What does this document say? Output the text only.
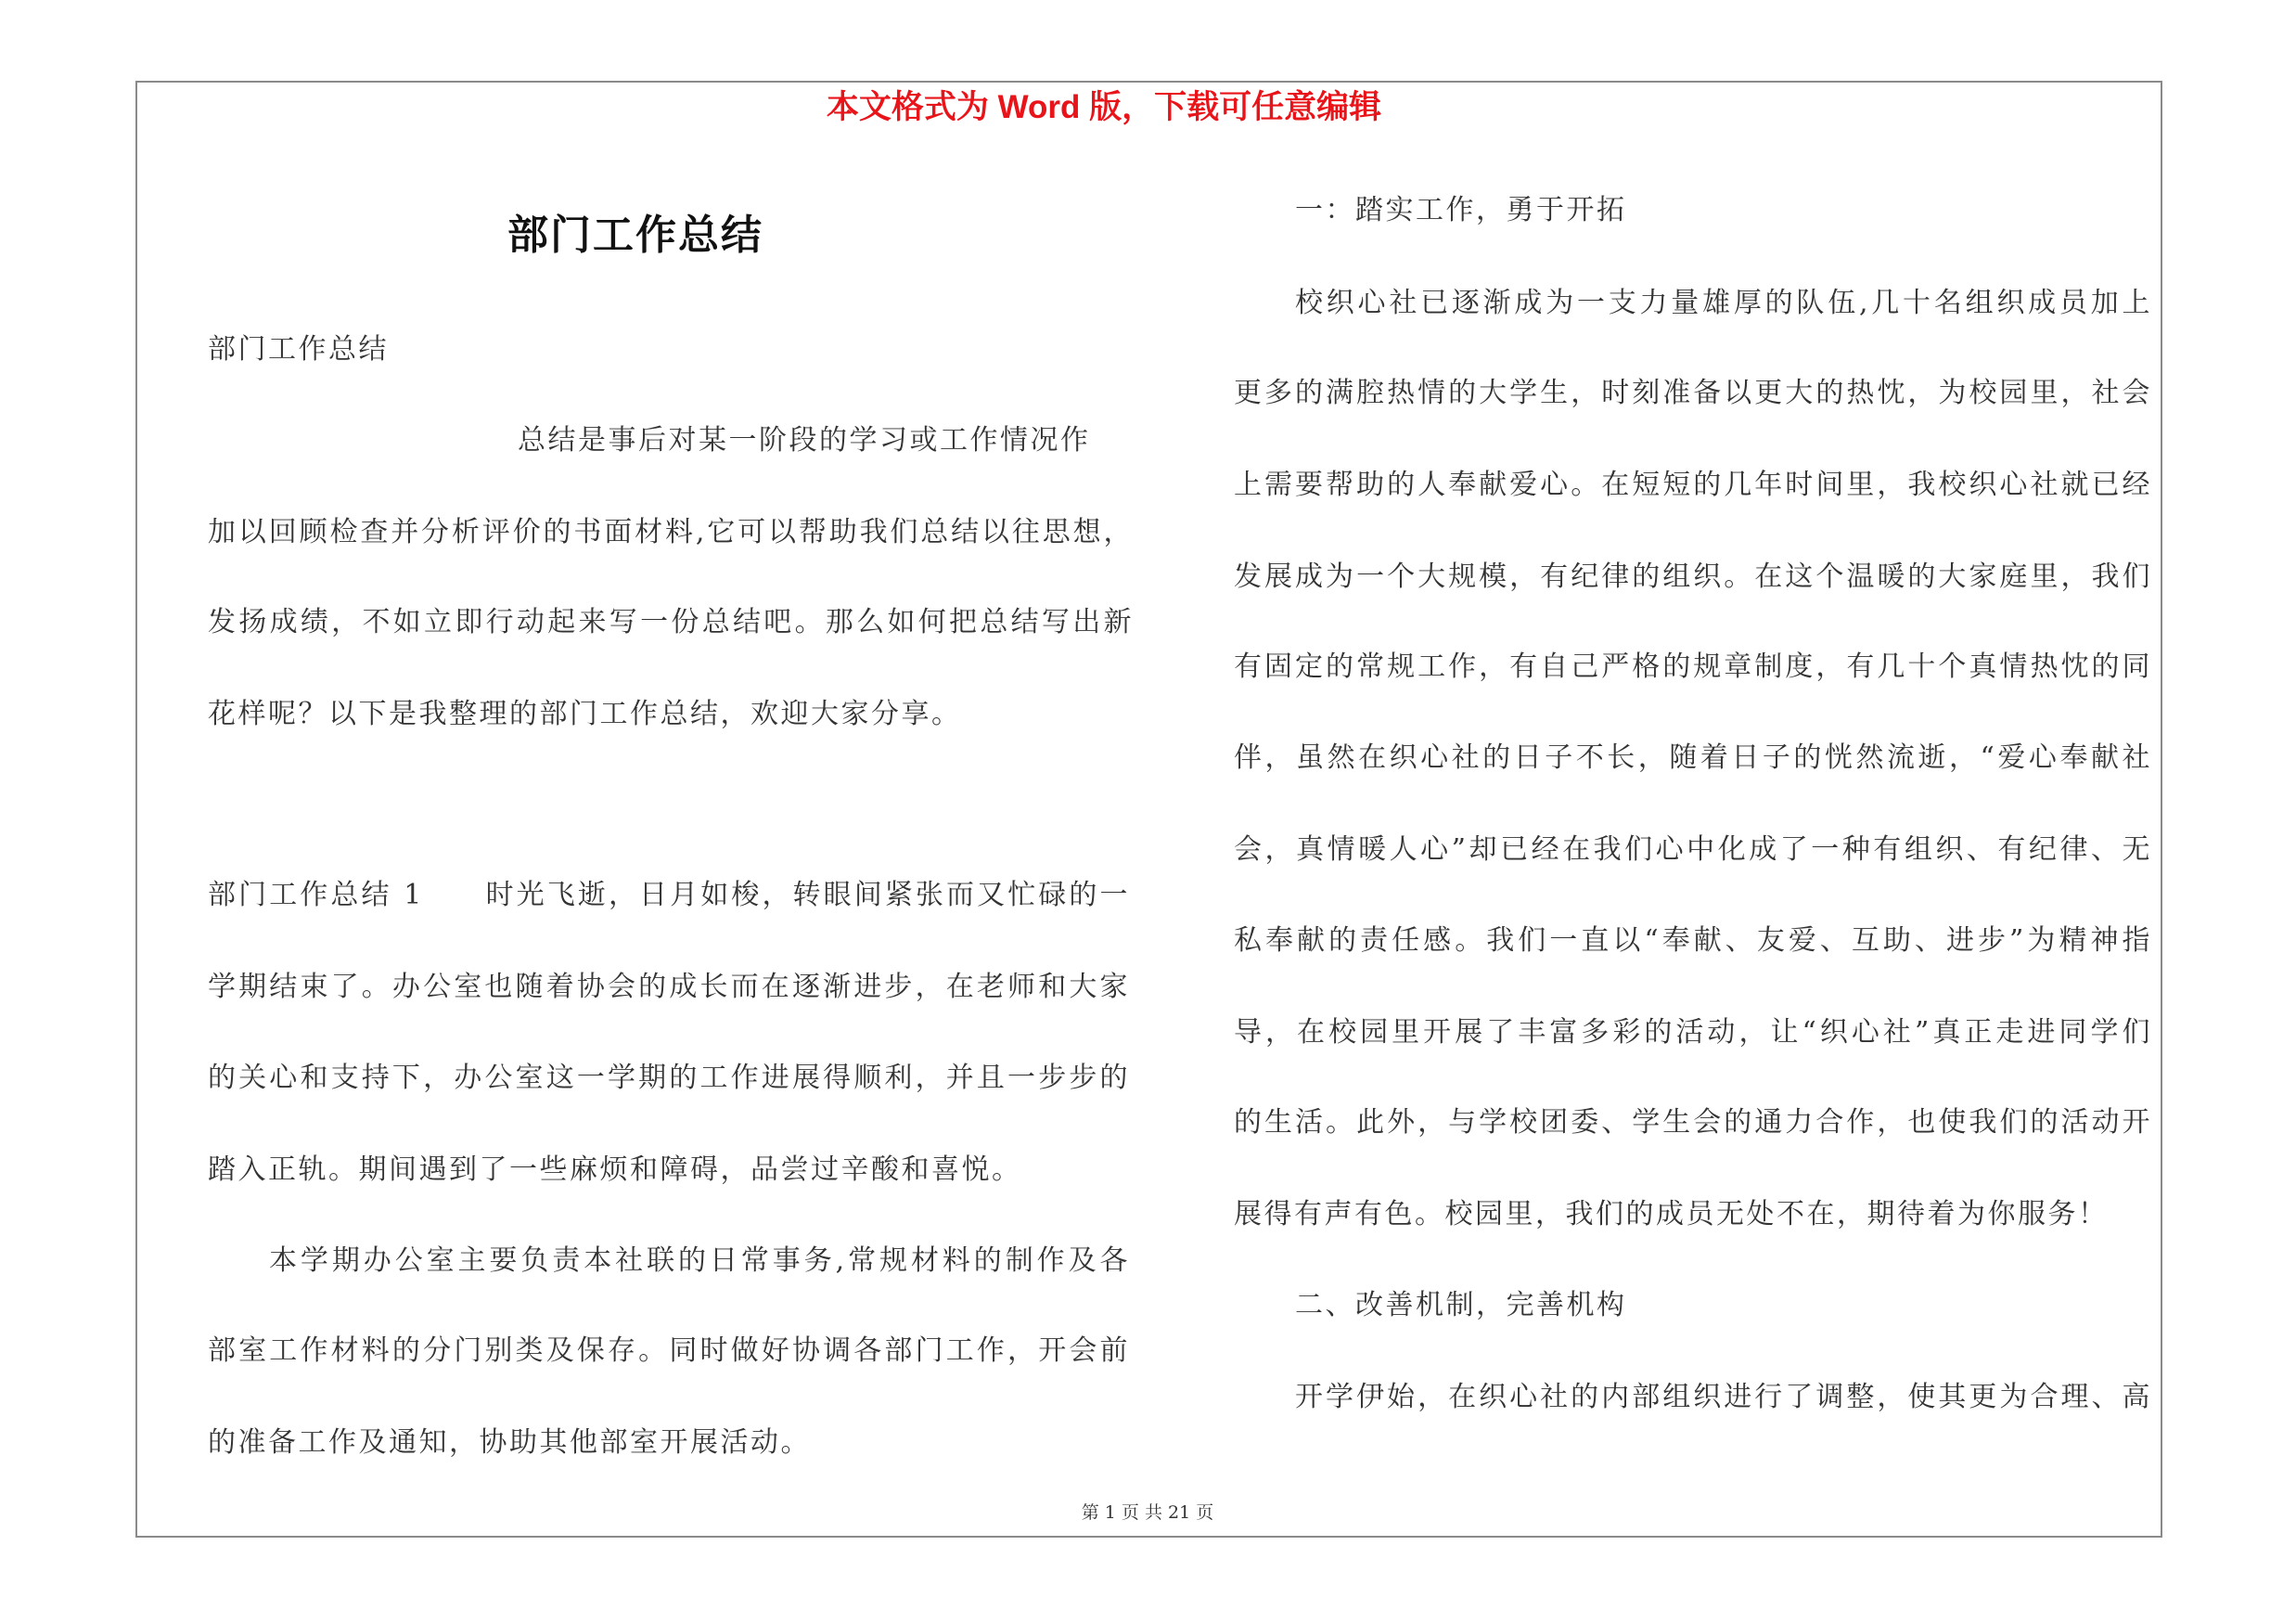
本文格式为 Word 版，下载可任意编辑
部门工作总结
部门工作总结
总结是事后对某一阶段的学习或工作情况作
加以回顾检查并分析评价的书面材料,它可以帮助我们总结以往思想，
发扬成绩，不如立即行动起来写一份总结吧。那么如何把总结写出新
花样呢？以下是我整理的部门工作总结，欢迎大家分享。
部门工作总结 1　　时光飞逝，日月如梭，转眼间紧张而又忙碌的一
学期结束了。办公室也随着协会的成长而在逐渐进步，在老师和大家
的关心和支持下，办公室这一学期的工作进展得顺利，并且一步步的
踏入正轨。期间遇到了一些麻烦和障碍，品尝过辛酸和喜悦。
本学期办公室主要负责本社联的日常事务,常规材料的制作及各
部室工作材料的分门别类及保存。同时做好协调各部门工作，开会前
的准备工作及通知，协助其他部室开展活动。
一：踏实工作，勇于开拓
校织心社已逐渐成为一支力量雄厚的队伍,几十名组织成员加上
更多的满腔热情的大学生，时刻准备以更大的热忱，为校园里，社会
上需要帮助的人奉献爱心。在短短的几年时间里，我校织心社就已经
发展成为一个大规模，有纪律的组织。在这个温暖的大家庭里，我们
有固定的常规工作，有自己严格的规章制度，有几十个真情热忱的同
伴，虽然在织心社的日子不长，随着日子的恍然流逝，“爱心奉献社
会，真情暖人心”却已经在我们心中化成了一种有组织、有纪律、无
私奉献的责任感。我们一直以“奉献、友爱、互助、进步”为精神指
导，在校园里开展了丰富多彩的活动，让“织心社”真正走进同学们
的生活。此外，与学校团委、学生会的通力合作，也使我们的活动开
展得有声有色。校园里，我们的成员无处不在，期待着为你服务！
二、改善机制，完善机构
开学伊始，在织心社的内部组织进行了调整，使其更为合理、高
第 1 页 共 21 页
